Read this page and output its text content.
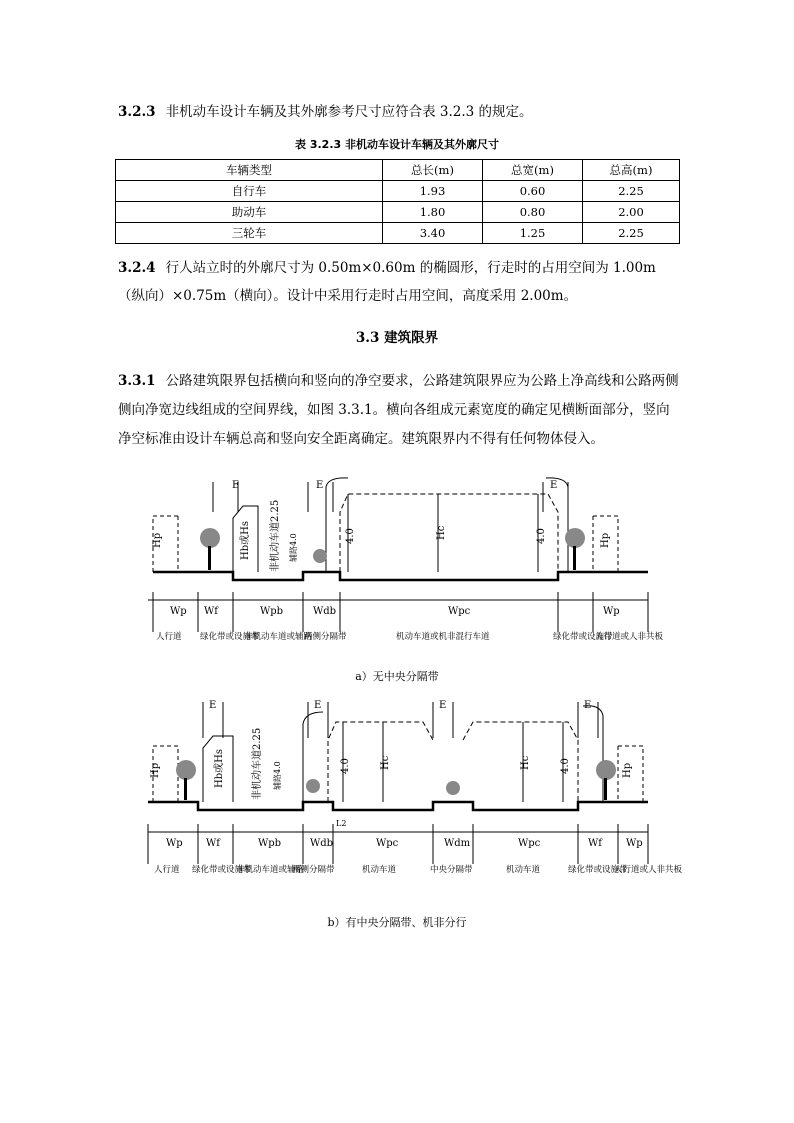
3.2.3 非机动车设计车辆及其外廓参考尺寸应符合表 3.2.3 的规定。

表 3.2.3 非机动车设计车辆及其外廓尺寸
车辆类型	总长(m)	总宽(m)	总高(m)
自行车	1.93	0.60	2.25
助动车	1.80	0.80	2.00
三轮车	3.40	1.25	2.25

3.2.4 行人站立时的外廓尺寸为 0.50m×0.60m 的椭圆形，行走时的占用空间为 1.00m（纵向）×0.75m（横向）。设计中采用行走时占用空间，高度采用 2.00m。

3.3 建筑限界

3.3.1 公路建筑限界包括横向和竖向的净空要求，公路建筑限界应为公路上净高线和公路两侧侧向净宽边线组成的空间界线，如图 3.3.1。横向各组成元素宽度的确定见横断面部分，竖向净空标准由设计车辆总高和竖向安全距离确定。建筑限界内不得有任何物体侵入。

E	E	E
Hp	Hp
Hc
4.0	4.0
非机动车道2.25
Hb或Hs	辅路4.0
Wp Wf	Wpb	Wdb	Wpc	Wp
人行道 绿化带或设施带
非机动车道或辅路
两侧分隔带	机动车道或机非混行车道	绿化带或设施带
人行道或人非共板
a）无中央分隔带
E	E	E	E
Hp	Hp
Hc	Hc
4.0	4.0
非机动车道2.25
Hb或Hs	辅路4.0
Wp Wf	Wpb	Wdb	Wpc	Wdm	Wpc	Wf Wp
L2
人行道 绿化带或设施带
非机动车道或辅路
两侧分隔带	机动车道	中央分隔带	机动车道	绿化带或设施带
人行道或人非共板
b）有中央分隔带、机非分行
